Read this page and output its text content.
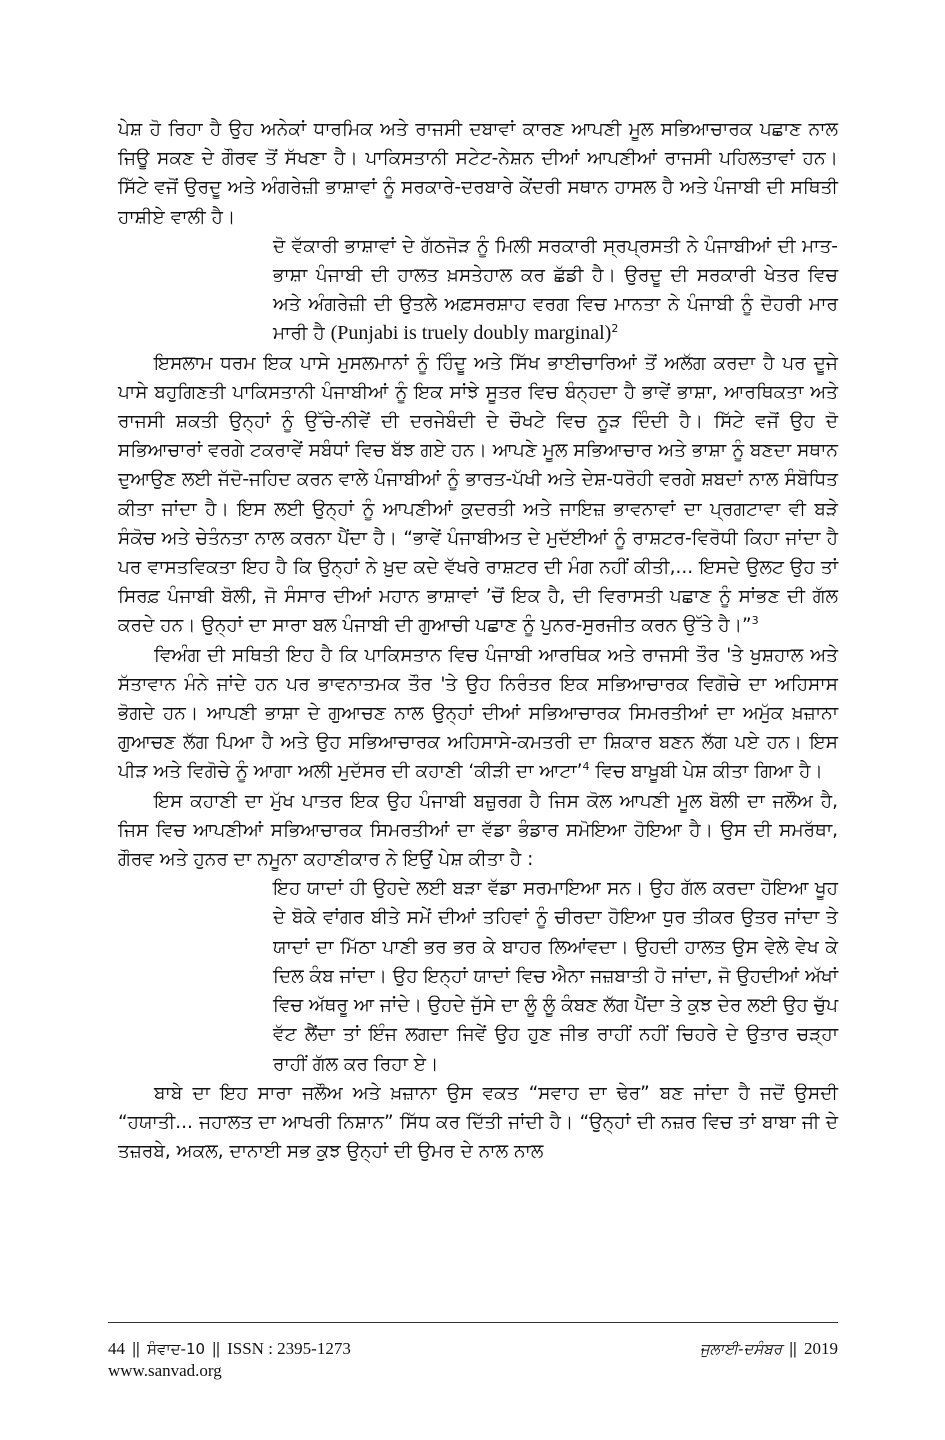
ਪੇਸ਼ ਹੋ ਰਿਹਾ ਹੈ ਉਹ ਅਨੇਕਾਂ ਧਾਰਮਿਕ ਅਤੇ ਰਾਜਸੀ ਦਬਾਵਾਂ ਕਾਰਣ ਆਪਣੀ ਮੂਲ ਸਭਿਆਚਾਰਕ ਪਛਾਣ ਨਾਲ ਜਿਊ ਸਕਣ ਦੇ ਗੌਰਵ ਤੋਂ ਸੱਖਣਾ ਹੈ। ਪਾਕਿਸਤਾਨੀ ਸਟੇਟ-ਨੇਸ਼ਨ ਦੀਆਂ ਆਪਣੀਆਂ ਰਾਜਸੀ ਪਹਿਲਤਾਵਾਂ ਹਨ। ਸਿੱਟੇ ਵਜੋਂ ਉਰਦੂ ਅਤੇ ਅੰਗਰੇਜ਼ੀ ਭਾਸ਼ਾਵਾਂ ਨੂੰ ਸਰਕਾਰੇ-ਦਰਬਾਰੇ ਕੇਂਦਰੀ ਸਥਾਨ ਹਾਸਲ ਹੈ ਅਤੇ ਪੰਜਾਬੀ ਦੀ ਸਥਿਤੀ ਹਾਸ਼ੀਏ ਵਾਲੀ ਹੈ।

ਦੋ ਵੱਕਾਰੀ ਭਾਸ਼ਾਵਾਂ ਦੇ ਗੱਠਜੋੜ ਨੂੰ ਮਿਲੀ ਸਰਕਾਰੀ ਸ੍ਰਪ੍ਰਸਤੀ ਨੇ ਪੰਜਾਬੀਆਂ ਦੀ ਮਾਤ-ਭਾਸ਼ਾ ਪੰਜਾਬੀ ਦੀ ਹਾਲਤ ਖ਼ਸਤੇਹਾਲ ਕਰ ਛੱਡੀ ਹੈ। ਉਰਦੂ ਦੀ ਸਰਕਾਰੀ ਖੇਤਰ ਵਿਚ ਅਤੇ ਅੰਗਰੇਜ਼ੀ ਦੀ ਉਤਲੇ ਅਫ਼ਸਰਸ਼ਾਹ ਵਰਗ ਵਿਚ ਮਾਨਤਾ ਨੇ ਪੰਜਾਬੀ ਨੂੰ ਦੋਹਰੀ ਮਾਰ ਮਾਰੀ ਹੈ (Punjabi is truely doubly marginal)$^2$

ਇਸਲਾਮ ਧਰਮ ਇਕ ਪਾਸੇ ਮੁਸਲਮਾਨਾਂ ਨੂੰ ਹਿੰਦੂ ਅਤੇ ਸਿੱਖ ਭਾਈਚਾਰਿਆਂ ਤੋਂ ਅਲੱਗ ਕਰਦਾ ਹੈ ਪਰ ਦੂਜੇ ਪਾਸੇ ਬਹੁਗਿਣਤੀ ਪਾਕਿਸਤਾਨੀ ਪੰਜਾਬੀਆਂ ਨੂੰ ਇਕ ਸਾਂਝੇ ਸੂਤਰ ਵਿਚ ਬੰਨ੍ਹਦਾ ਹੈ ਭਾਵੇਂ ਭਾਸ਼ਾ, ਆਰਥਿਕਤਾ ਅਤੇ ਰਾਜਸੀ ਸ਼ਕਤੀ ਉਨ੍ਹਾਂ ਨੂੰ ਉੱਚੇ-ਨੀਵੇਂ ਦੀ ਦਰਜੇਬੰਦੀ ਦੇ ਚੌਖਟੇ ਵਿਚ ਨੂੜ ਦਿੰਦੀ ਹੈ। ਸਿੱਟੇ ਵਜੋਂ ਉਹ ਦੋ ਸਭਿਆਚਾਰਾਂ ਵਰਗੇ ਟਕਰਾਵੇਂ ਸਬੰਧਾਂ ਵਿਚ ਬੱਝ ਗਏ ਹਨ। ਆਪਣੇ ਮੂਲ ਸਭਿਆਚਾਰ ਅਤੇ ਭਾਸ਼ਾ ਨੂੰ ਬਣਦਾ ਸਥਾਨ ਦੁਆਉਣ ਲਈ ਜੱਦੋ-ਜਹਿਦ ਕਰਨ ਵਾਲੇ ਪੰਜਾਬੀਆਂ ਨੂੰ ਭਾਰਤ-ਪੱਖੀ ਅਤੇ ਦੇਸ਼-ਧਰੋਹੀ ਵਰਗੇ ਸ਼ਬਦਾਂ ਨਾਲ ਸੰਬੋਧਿਤ ਕੀਤਾ ਜਾਂਦਾ ਹੈ। ਇਸ ਲਈ ਉਨ੍ਹਾਂ ਨੂੰ ਆਪਣੀਆਂ ਕੁਦਰਤੀ ਅਤੇ ਜਾਇਜ਼ ਭਾਵਨਾਵਾਂ ਦਾ ਪ੍ਰਗਟਾਵਾ ਵੀ ਬੜੇ ਸੰਕੋਚ ਅਤੇ ਚੇਤੰਨਤਾ ਨਾਲ ਕਰਨਾ ਪੈਂਦਾ ਹੈ। “ਭਾਵੇਂ ਪੰਜਾਬੀਅਤ ਦੇ ਮੁਦੱਈਆਂ ਨੂੰ ਰਾਸ਼ਟਰ-ਵਿਰੋਧੀ ਕਿਹਾ ਜਾਂਦਾ ਹੈ ਪਰ ਵਾਸਤਵਿਕਤਾ ਇਹ ਹੈ ਕਿ ਉਨ੍ਹਾਂ ਨੇ ਖ਼ੁਦ ਕਦੇ ਵੱਖਰੇ ਰਾਸ਼ਟਰ ਦੀ ਮੰਗ ਨਹੀਂ ਕੀਤੀ,... ਇਸਦੇ ਉਲਟ ਉਹ ਤਾਂ ਸਿਰਫ਼ ਪੰਜਾਬੀ ਬੋਲੀ, ਜੋ ਸੰਸਾਰ ਦੀਆਂ ਮਹਾਨ ਭਾਸ਼ਾਵਾਂ ’ਚੋਂ ਇਕ ਹੈ, ਦੀ ਵਿਰਾਸਤੀ ਪਛਾਣ ਨੂੰ ਸਾਂਭਣ ਦੀ ਗੱਲ ਕਰਦੇ ਹਨ। ਉਨ੍ਹਾਂ ਦਾ ਸਾਰਾ ਬਲ ਪੰਜਾਬੀ ਦੀ ਗੁਆਚੀ ਪਛਾਣ ਨੂੰ ਪੁਨਰ-ਸੁਰਜੀਤ ਕਰਨ ਉੱਤੇ ਹੈ।”$^3$

ਵਿਅੰਗ ਦੀ ਸਥਿਤੀ ਇਹ ਹੈ ਕਿ ਪਾਕਿਸਤਾਨ ਵਿਚ ਪੰਜਾਬੀ ਆਰਥਿਕ ਅਤੇ ਰਾਜਸੀ ਤੌਰ 'ਤੇ ਖੁਸ਼ਹਾਲ ਅਤੇ ਸੱਤਾਵਾਨ ਮੰਨੇ ਜਾਂਦੇ ਹਨ ਪਰ ਭਾਵਨਾਤਮਕ ਤੌਰ 'ਤੇ ਉਹ ਨਿਰੰਤਰ ਇਕ ਸਭਿਆਚਾਰਕ ਵਿਗੋਚੇ ਦਾ ਅਹਿਸਾਸ ਭੋਗਦੇ ਹਨ। ਆਪਣੀ ਭਾਸ਼ਾ ਦੇ ਗੁਆਚਣ ਨਾਲ ਉਨ੍ਹਾਂ ਦੀਆਂ ਸਭਿਆਚਾਰਕ ਸਿਮਰਤੀਆਂ ਦਾ ਅਮੁੱਕ ਖ਼ਜ਼ਾਨਾ ਗੁਆਚਣ ਲੱਗ ਪਿਆ ਹੈ ਅਤੇ ਉਹ ਸਭਿਆਚਾਰਕ ਅਹਿਸਾਸੇ-ਕਮਤਰੀ ਦਾ ਸ਼ਿਕਾਰ ਬਣਨ ਲੱਗ ਪਏ ਹਨ। ਇਸ ਪੀੜ ਅਤੇ ਵਿਗੋਚੇ ਨੂੰ ਆਗਾ ਅਲੀ ਮੁਦੱਸਰ ਦੀ ਕਹਾਣੀ ‘ਕੀੜੀ ਦਾ ਆਟਾ’$^4$ ਵਿਚ ਬਾਖ਼ੂਬੀ ਪੇਸ਼ ਕੀਤਾ ਗਿਆ ਹੈ।

ਇਸ ਕਹਾਣੀ ਦਾ ਮੁੱਖ ਪਾਤਰ ਇਕ ਉਹ ਪੰਜਾਬੀ ਬਜ਼ੁਰਗ ਹੈ ਜਿਸ ਕੋਲ ਆਪਣੀ ਮੂਲ ਬੋਲੀ ਦਾ ਜਲੌਅ ਹੈ, ਜਿਸ ਵਿਚ ਆਪਣੀਆਂ ਸਭਿਆਚਾਰਕ ਸਿਮਰਤੀਆਂ ਦਾ ਵੱਡਾ ਭੰਡਾਰ ਸਮੋਇਆ ਹੋਇਆ ਹੈ। ਉਸ ਦੀ ਸਮਰੱਥਾ, ਗੌਰਵ ਅਤੇ ਹੁਨਰ ਦਾ ਨਮੂਨਾ ਕਹਾਣੀਕਾਰ ਨੇ ਇਉਂ ਪੇਸ਼ ਕੀਤਾ ਹੈ :

ਇਹ ਯਾਦਾਂ ਹੀ ਉਹਦੇ ਲਈ ਬੜਾ ਵੱਡਾ ਸਰਮਾਇਆ ਸਨ। ਉਹ ਗੱਲ ਕਰਦਾ ਹੋਇਆ ਖੂਹ ਦੇ ਬੋਕੇ ਵਾਂਗਰ ਬੀਤੇ ਸਮੇਂ ਦੀਆਂ ਤਹਿਵਾਂ ਨੂੰ ਚੀਰਦਾ ਹੋਇਆ ਧੁਰ ਤੀਕਰ ਉਤਰ ਜਾਂਦਾ ਤੇ ਯਾਦਾਂ ਦਾ ਮਿੱਠਾ ਪਾਣੀ ਭਰ ਭਰ ਕੇ ਬਾਹਰ ਲਿਆਂਵਦਾ। ਉਹਦੀ ਹਾਲਤ ਉਸ ਵੇਲੇ ਵੇਖ ਕੇ ਦਿਲ ਕੰਬ ਜਾਂਦਾ। ਉਹ ਇਨ੍ਹਾਂ ਯਾਦਾਂ ਵਿਚ ਐਨਾ ਜਜ਼ਬਾਤੀ ਹੋ ਜਾਂਦਾ, ਜੋ ਉਹਦੀਆਂ ਅੱਖਾਂ ਵਿਚ ਅੱਥਰੂ ਆ ਜਾਂਦੇ। ਉਹਦੇ ਜੁੱਸੇ ਦਾ ਲੂੰ ਲੂੰ ਕੰਬਣ ਲੱਗ ਪੈਂਦਾ ਤੇ ਕੁਝ ਦੇਰ ਲਈ ਉਹ ਚੁੱਪ ਵੱਟ ਲੈਂਦਾ ਤਾਂ ਇੰਜ ਲਗਦਾ ਜਿਵੇਂ ਉਹ ਹੁਣ ਜੀਭ ਰਾਹੀਂ ਨਹੀਂ ਚਿਹਰੇ ਦੇ ਉਤਾਰ ਚੜ੍ਹਾ ਰਾਹੀਂ ਗੱਲ ਕਰ ਰਿਹਾ ਏ।

ਬਾਬੇ ਦਾ ਇਹ ਸਾਰਾ ਜਲੌਅ ਅਤੇ ਖ਼ਜ਼ਾਨਾ ਉਸ ਵਕਤ “ਸਵਾਹ ਦਾ ਢੇਰ” ਬਣ ਜਾਂਦਾ ਹੈ ਜਦੋਂ ਉਸਦੀ “ਹਯਾਤੀ... ਜਹਾਲਤ ਦਾ ਆਖਰੀ ਨਿਸ਼ਾਨ” ਸਿੱਧ ਕਰ ਦਿੱਤੀ ਜਾਂਦੀ ਹੈ। “ਉਨ੍ਹਾਂ ਦੀ ਨਜ਼ਰ ਵਿਚ ਤਾਂ ਬਾਬਾ ਜੀ ਦੇ ਤਜ਼ਰਬੇ, ਅਕਲ, ਦਾਨਾਈ ਸਭ ਕੁਝ ਉਨ੍ਹਾਂ ਦੀ ਉਮਰ ਦੇ ਨਾਲ ਨਾਲ

44 || ਸੰਵਾਦ-10 || ISSN : 2395-1273
www.sanvad.org
ਜੁਲਾਈ-ਦਸੰਬਰ || 2019
